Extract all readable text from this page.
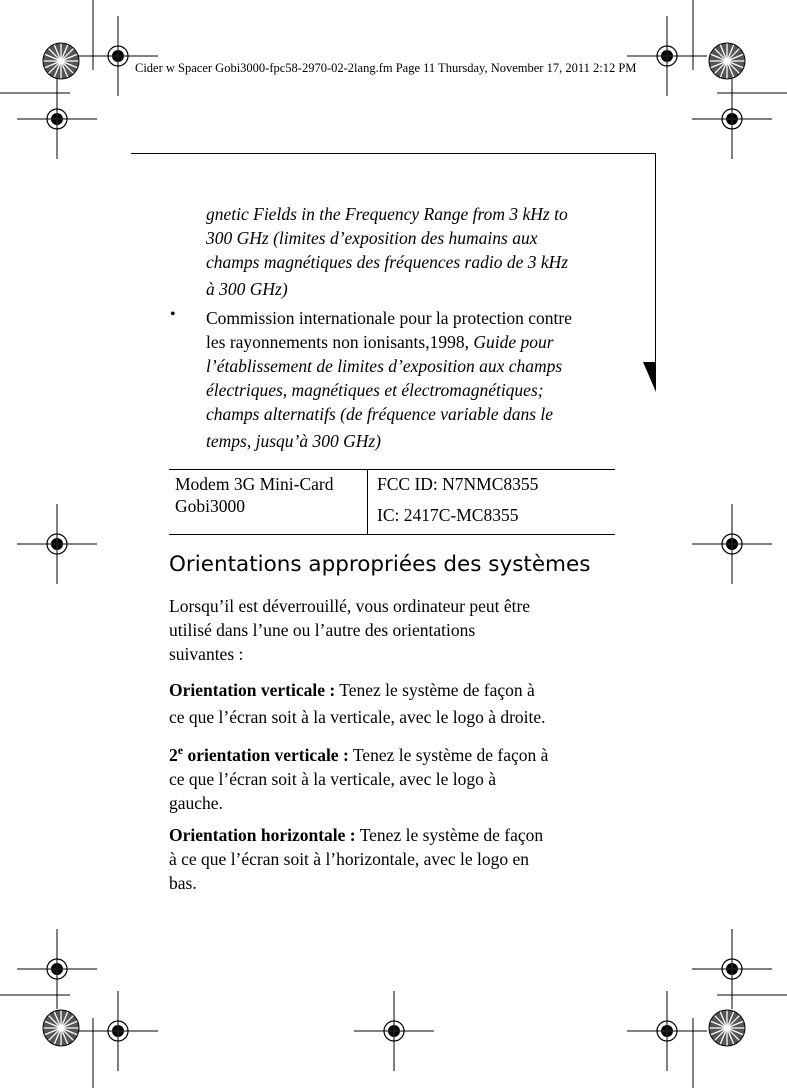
Cider w Spacer Gobi3000-fpc58-2970-02-2lang.fm Page 11 Thursday, November 17, 2011 2:12 PM
gnetic Fields in the Frequency Range from 3 kHz to
300 GHz (limites d’exposition des humains aux
champs magnétiques des fréquences radio de 3 kHz
à 300 GHz)
• Commission internationale pour la protection contre
les rayonnements non ionisants,1998, Guide pour
l’établissement de limites d’exposition aux champs
électriques, magnétiques et électromagnétiques;
champs alternatifs (de fréquence variable dans le
temps, jusqu’à 300 GHz)
Modem 3G Mini-Card
Gobi3000
FCC ID: N7NMC8355
IC: 2417C-MC8355
Orientations appropriées des systèmes
Lorsqu’il est déverrouillé, vous ordinateur peut être
utilisé dans l’une ou l’autre des orientations
suivantes :
Orientation verticale : Tenez le système de façon à
ce que l’écran soit à la verticale, avec le logo à droite.
2e orientation verticale : Tenez le système de façon à
ce que l’écran soit à la verticale, avec le logo à
gauche.
Orientation horizontale : Tenez le système de façon
à ce que l’écran soit à l’horizontale, avec le logo en
bas.
